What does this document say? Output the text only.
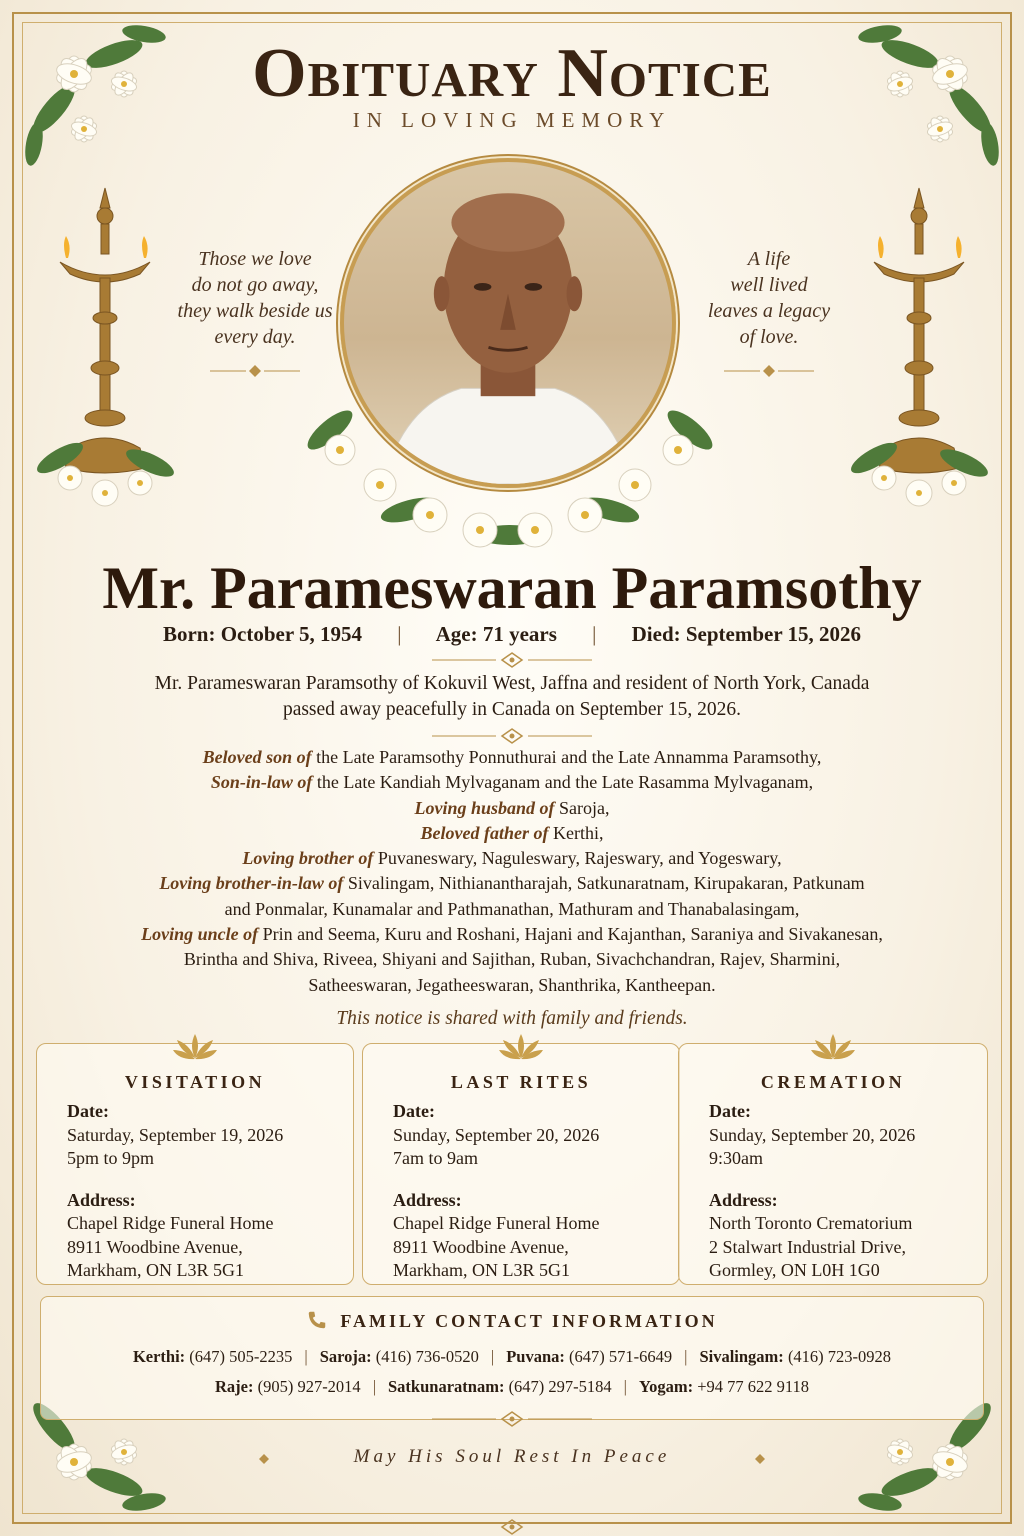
Obituary Notice
IN LOVING MEMORY
Those we love
do not go away,
they walk beside us
every day.
A life
well lived
leaves a legacy
of love.
Mr. Parameswaran Paramsothy
Born: October 5, 1954 | Age: 71 years | Died: September 15, 2026
Mr. Parameswaran Paramsothy of Kokuvil West, Jaffna and resident of North York, Canada
passed away peacefully in Canada on September 15, 2026.
Beloved son of the Late Paramsothy Ponnuthurai and the Late Annamma Paramsothy,
Son-in-law of the Late Kandiah Mylvaganam and the Late Rasamma Mylvaganam,
Loving husband of Saroja,
Beloved father of Kerthi,
Loving brother of Puvaneswary, Naguleswary, Rajeswary, and Yogeswary,
Loving brother-in-law of Sivalingam, Nithianantharajah, Satkunaratnam, Kirupakaran, Patkunam
and Ponmalar, Kunamalar and Pathmanathan, Mathuram and Thanabalasingam,
Loving uncle of Prin and Seema, Kuru and Roshani, Hajani and Kajanthan, Saraniya and Sivakanesan,
Brintha and Shiva, Riveea, Shiyani and Sajithan, Ruban, Sivachchandran, Rajev, Sharmini,
Satheeswaran, Jegatheeswaran, Shanthrika, Kantheepan.
This notice is shared with family and friends.
VISITATION
Date:
Saturday, September 19, 2026
5pm to 9pm
Address:
Chapel Ridge Funeral Home
8911 Woodbine Avenue,
Markham, ON L3R 5G1
LAST RITES
Date:
Sunday, September 20, 2026
7am to 9am
Address:
Chapel Ridge Funeral Home
8911 Woodbine Avenue,
Markham, ON L3R 5G1
CREMATION
Date:
Sunday, September 20, 2026
9:30am
Address:
North Toronto Crematorium
2 Stalwart Industrial Drive,
Gormley, ON L0H 1G0
FAMILY CONTACT INFORMATION
Kerthi: (647) 505-2235 | Saroja: (416) 736-0520 | Puvana: (647) 571-6649 | Sivalingam: (416) 723-0928
Raje: (905) 927-2014 | Satkunaratnam: (647) 297-5184 | Yogam: +94 77 622 9118
May His Soul Rest In Peace
